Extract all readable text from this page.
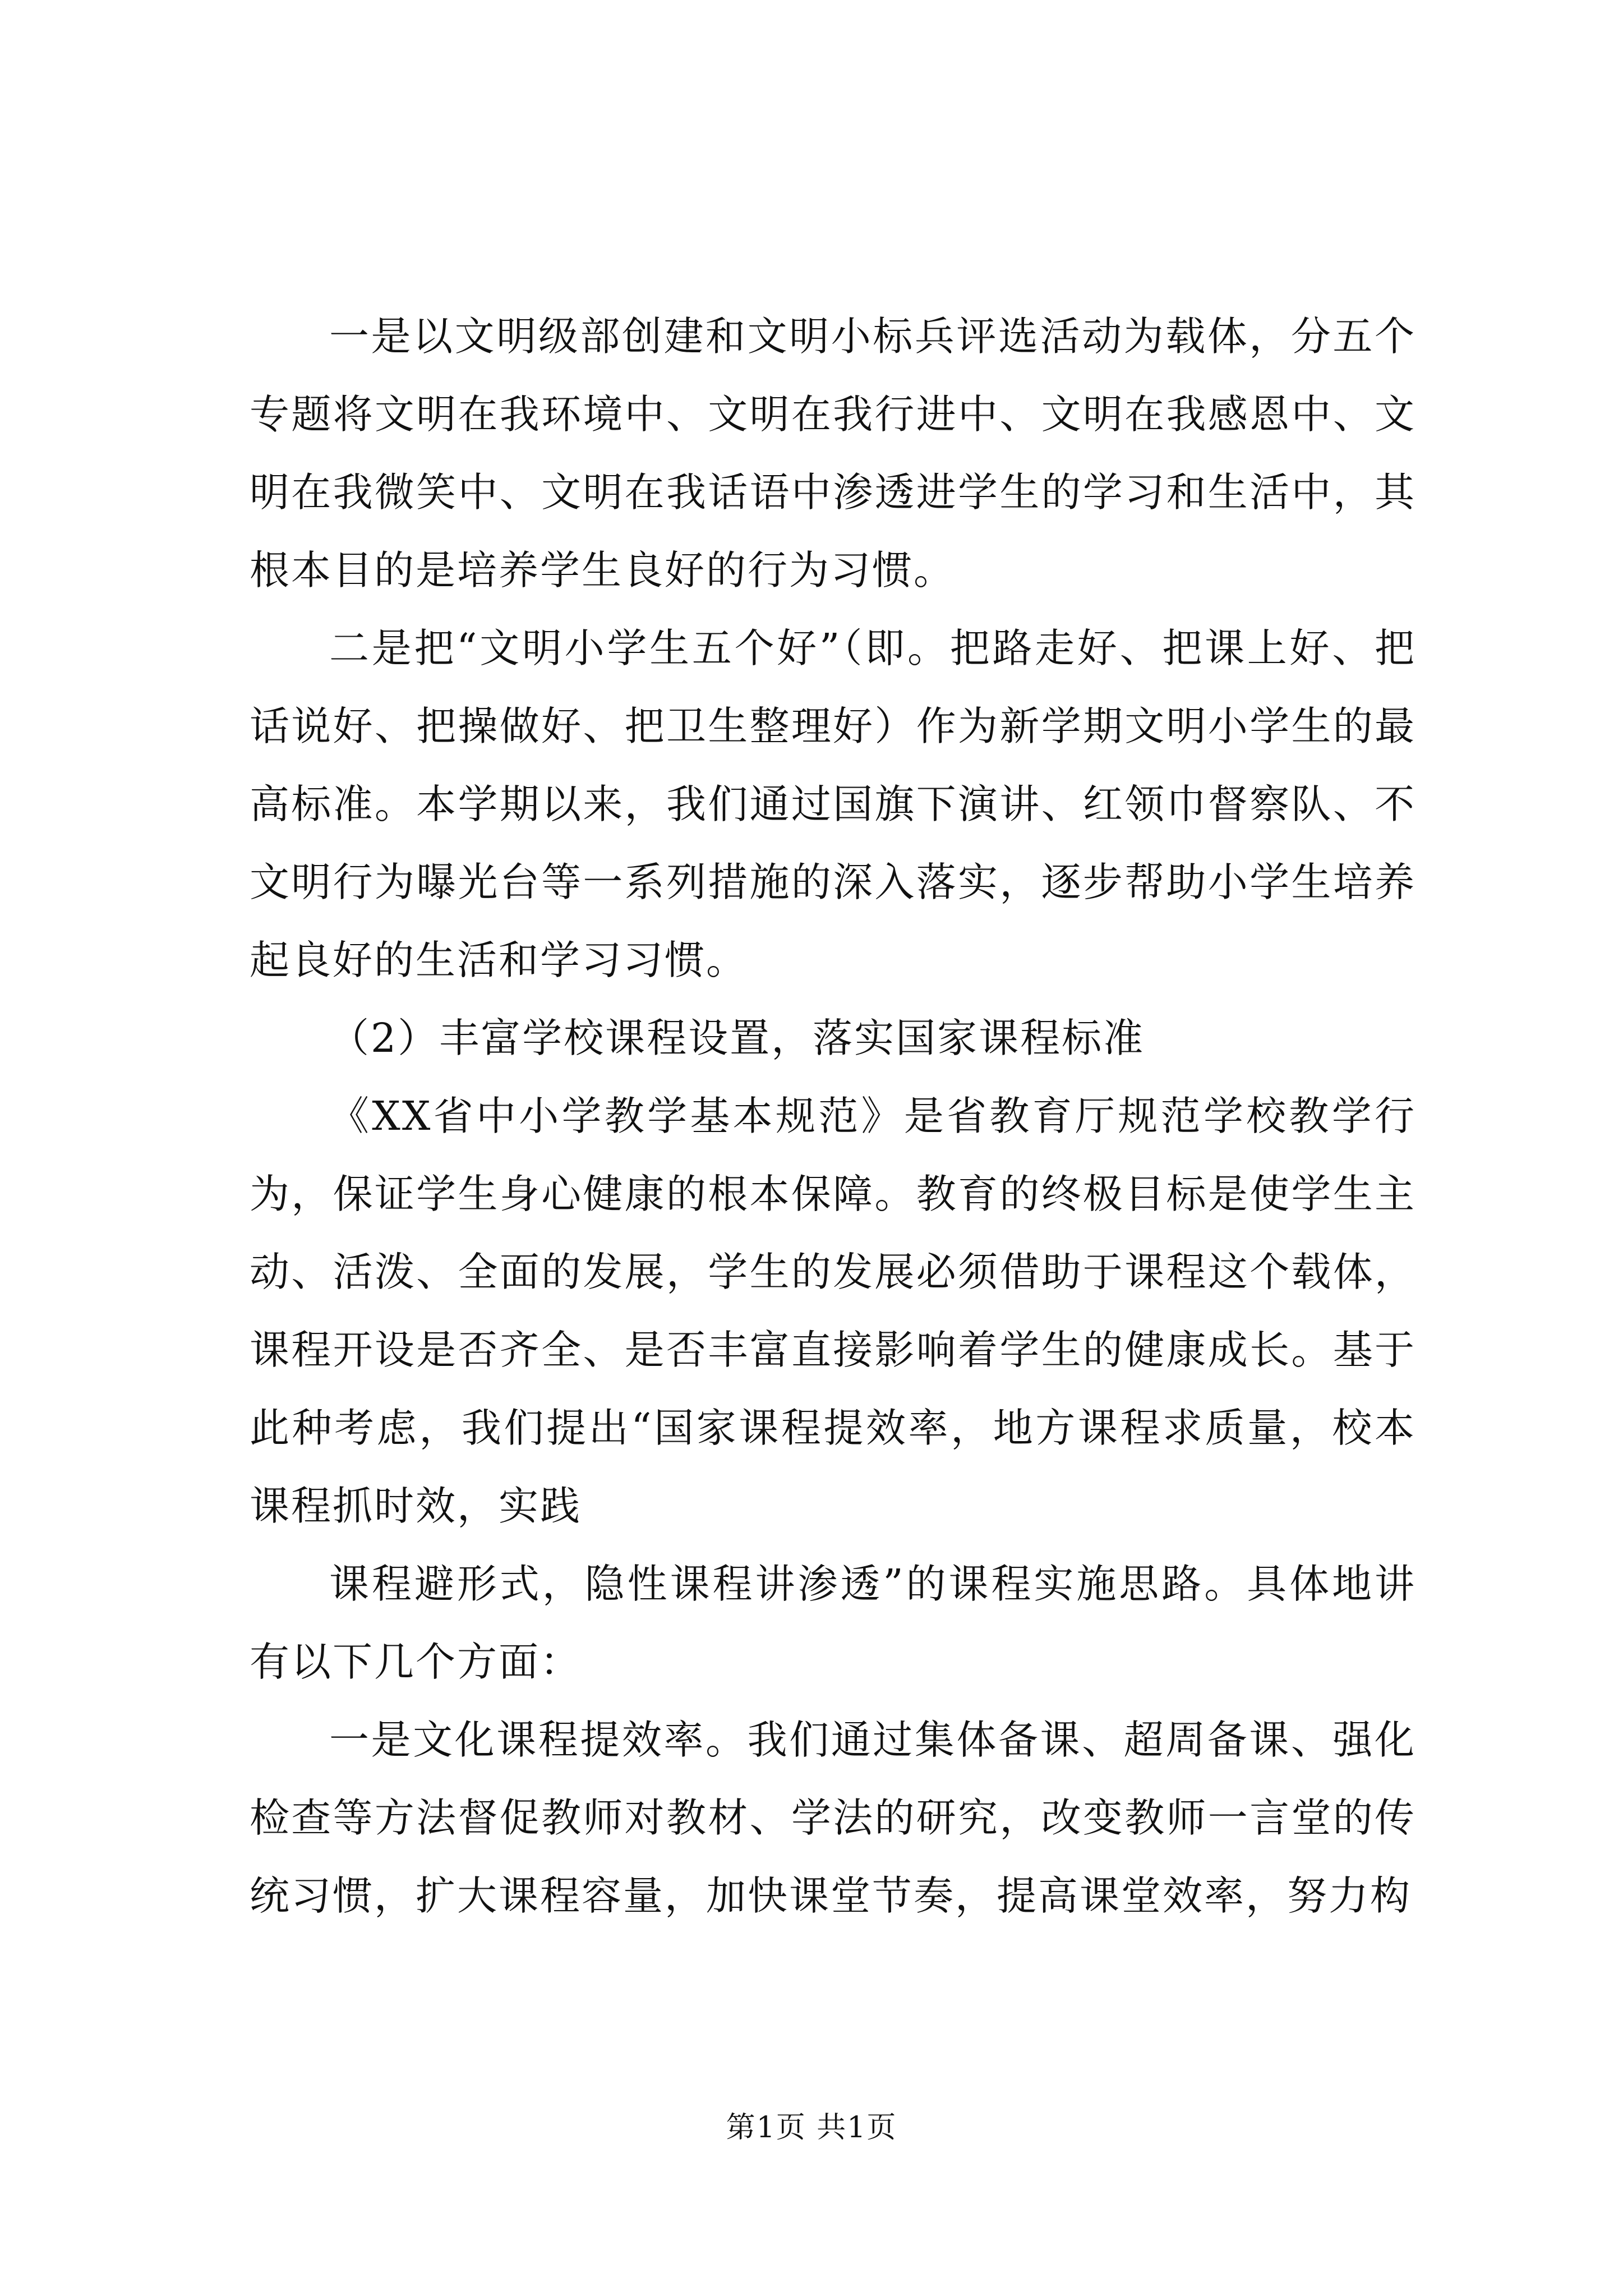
一是以文明级部创建和文明小标兵评选活动为载体，分五个专题将文明在我环境中、文明在我行进中、文明在我感恩中、文明在我微笑中、文明在我话语中渗透进学生的学习和生活中，其根本目的是培养学生良好的行为习惯。

二是把“文明小学生五个好”（即。把路走好、把课上好、把话说好、把操做好、把卫生整理好）作为新学期文明小学生的最高标准。本学期以来，我们通过国旗下演讲、红领巾督察队、不文明行为曝光台等一系列措施的深入落实，逐步帮助小学生培养起良好的生活和学习习惯。

（2）丰富学校课程设置，落实国家课程标准

《XX省中小学教学基本规范》是省教育厅规范学校教学行为，保证学生身心健康的根本保障。教育的终极目标是使学生主动、活泼、全面的发展，学生的发展必须借助于课程这个载体，课程开设是否齐全、是否丰富直接影响着学生的健康成长。基于此种考虑，我们提出“国家课程提效率，地方课程求质量，校本课程抓时效，实践

课程避形式，隐性课程讲渗透”的课程实施思路。具体地讲有以下几个方面：

一是文化课程提效率。我们通过集体备课、超周备课、强化检查等方法督促教师对教材、学法的研究，改变教师一言堂的传统习惯，扩大课程容量，加快课堂节奏，提高课堂效率，努力构

第1页 共1页
